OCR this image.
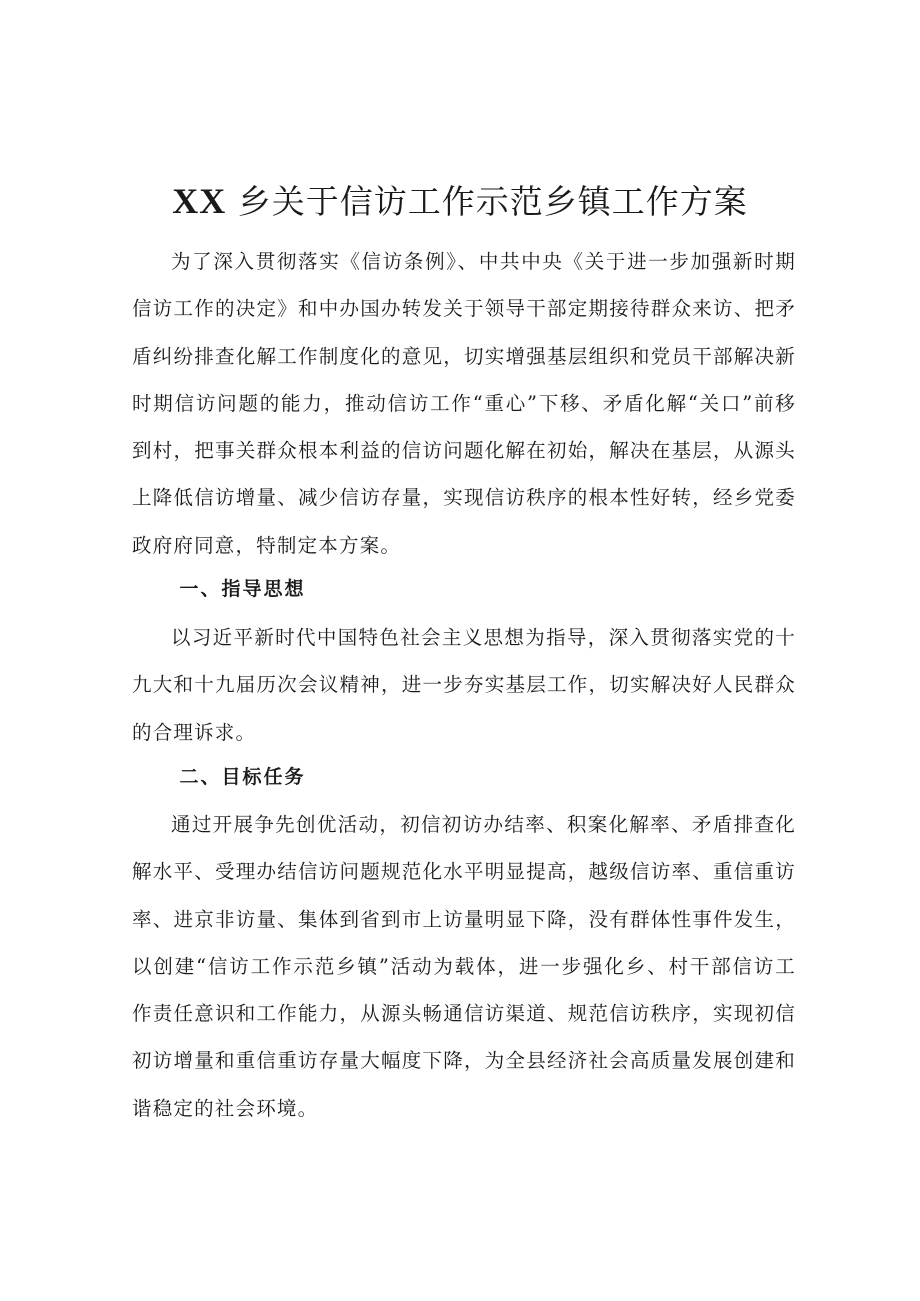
XX 乡关于信访工作示范乡镇工作方案

为了深入贯彻落实《信访条例》、中共中央《关于进一步加强新时期信访工作的决定》和中办国办转发关于领导干部定期接待群众来访、把矛盾纠纷排查化解工作制度化的意见，切实增强基层组织和党员干部解决新时期信访问题的能力，推动信访工作“重心”下移、矛盾化解“关口”前移到村，把事关群众根本利益的信访问题化解在初始，解决在基层，从源头上降低信访增量、减少信访存量，实现信访秩序的根本性好转，经乡党委政府府同意，特制定本方案。

一、指导思想

以习近平新时代中国特色社会主义思想为指导，深入贯彻落实党的十九大和十九届历次会议精神，进一步夯实基层工作，切实解决好人民群众的合理诉求。

二、目标任务

通过开展争先创优活动，初信初访办结率、积案化解率、矛盾排查化解水平、受理办结信访问题规范化水平明显提高，越级信访率、重信重访率、进京非访量、集体到省到市上访量明显下降，没有群体性事件发生，以创建“信访工作示范乡镇”活动为载体，进一步强化乡、村干部信访工作责任意识和工作能力，从源头畅通信访渠道、规范信访秩序，实现初信初访增量和重信重访存量大幅度下降，为全县经济社会高质量发展创建和谐稳定的社会环境。
